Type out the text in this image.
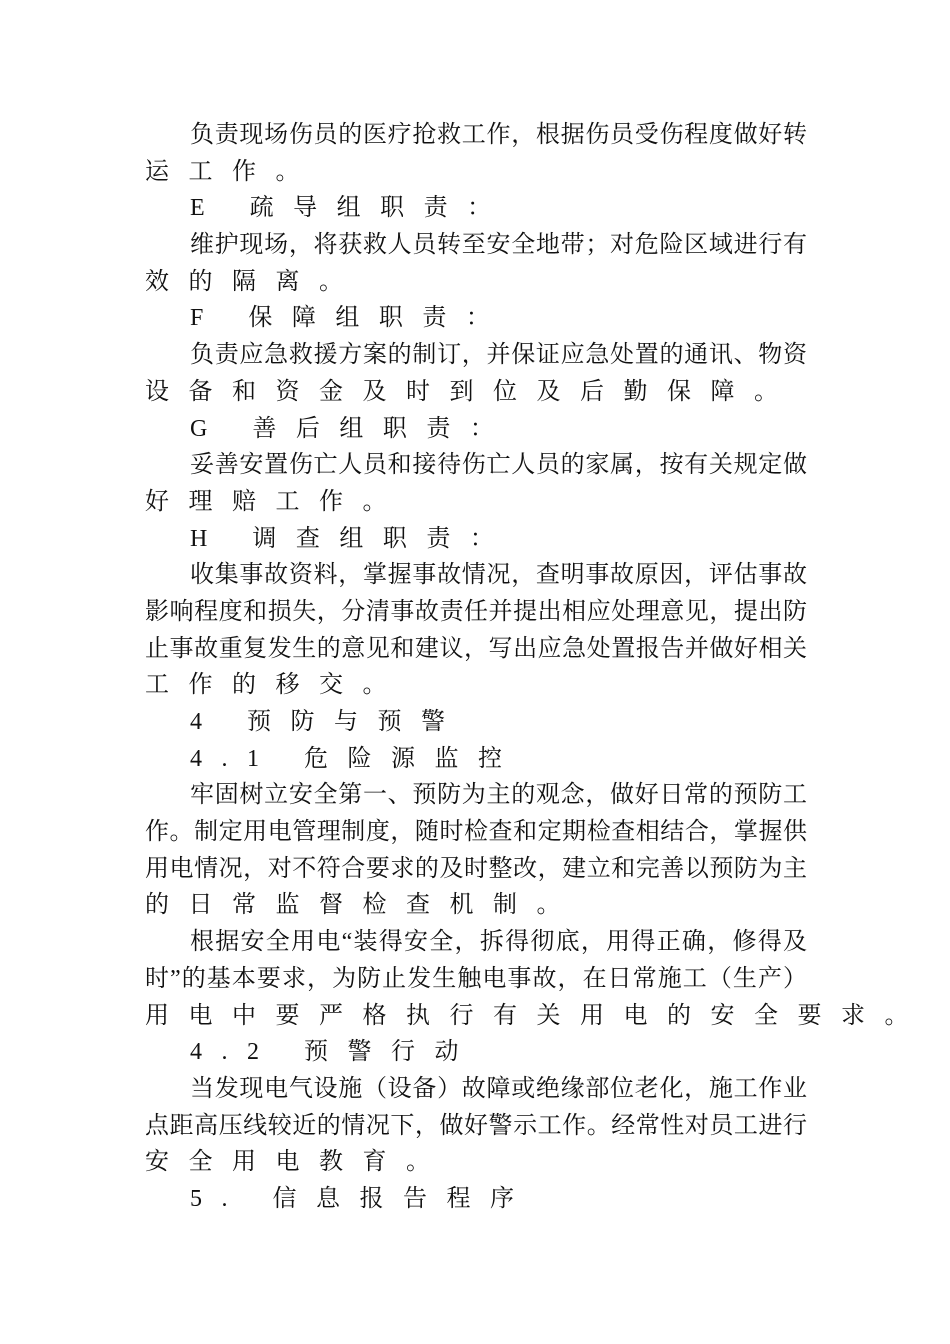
负责现场伤员的医疗抢救工作，根据伤员受伤程度做好转
运工作。
E 疏导组职责：
维护现场，将获救人员转至安全地带；对危险区域进行有
效的隔离。
F 保障组职责：
负责应急救援方案的制订，并保证应急处置的通讯、物资
设备和资金及时到位及后勤保障。
G 善后组职责：
妥善安置伤亡人员和接待伤亡人员的家属，按有关规定做
好理赔工作。
H 调查组职责：
收集事故资料，掌握事故情况，查明事故原因，评估事故
影响程度和损失，分清事故责任并提出相应处理意见，提出防
止事故重复发生的意见和建议，写出应急处置报告并做好相关
工作的移交。
4 预防与预警
4.1 危险源监控
牢固树立安全第一、预防为主的观念，做好日常的预防工
作。制定用电管理制度，随时检查和定期检查相结合，掌握供
用电情况，对不符合要求的及时整改，建立和完善以预防为主
的日常监督检查机制。
根据安全用电“装得安全，拆得彻底，用得正确，修得及
时”的基本要求，为防止发生触电事故，在日常施工（生产）
用电中要严格执行有关用电的安全要求。
4.2 预警行动
当发现电气设施（设备）故障或绝缘部位老化，施工作业
点距高压线较近的情况下，做好警示工作。经常性对员工进行
安全用电教育。
5. 信息报告程序
